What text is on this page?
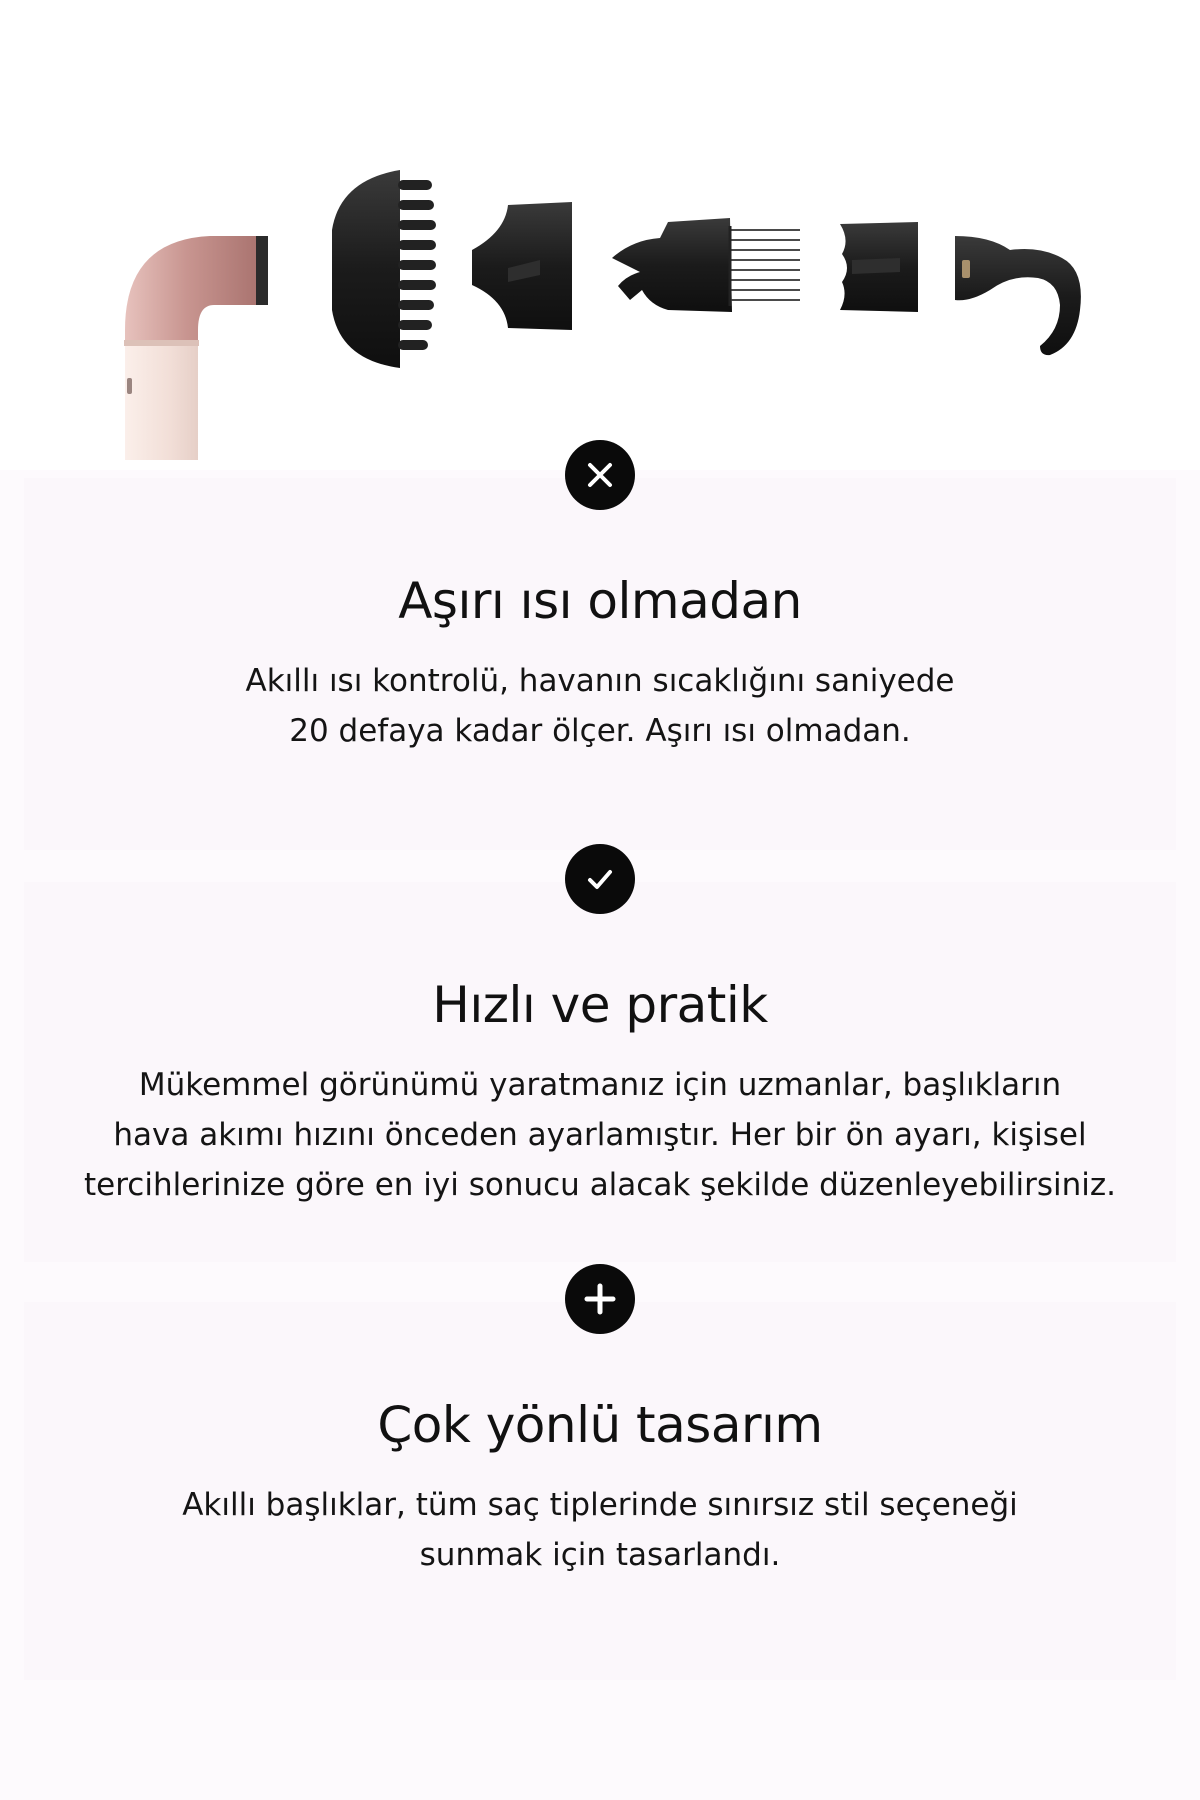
Aşırı ısı olmadan

Akıllı ısı kontrolü, havanın sıcaklığını saniyede
20 defaya kadar ölçer. Aşırı ısı olmadan.

Hızlı ve pratik

Mükemmel görünümü yaratmanız için uzmanlar, başlıkların
hava akımı hızını önceden ayarlamıştır. Her bir ön ayarı, kişisel
tercihlerinize göre en iyi sonucu alacak şekilde düzenleyebilirsiniz.

Çok yönlü tasarım

Akıllı başlıklar, tüm saç tiplerinde sınırsız stil seçeneği
sunmak için tasarlandı.
